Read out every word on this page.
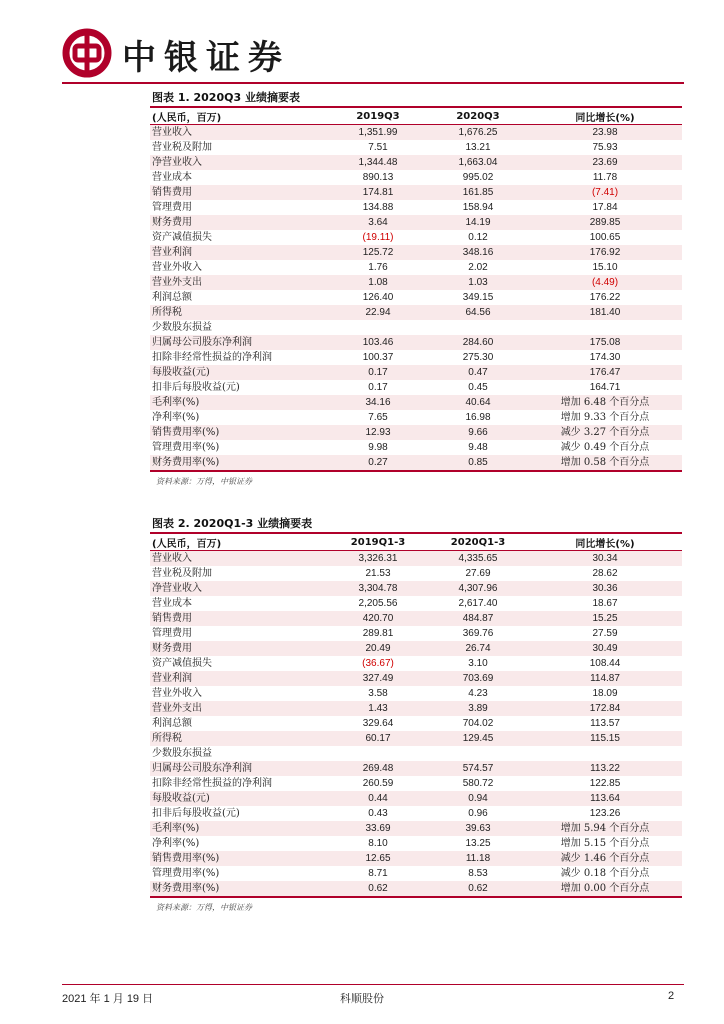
中银证券
图表 1. 2020Q3 业绩摘要表
(人民币，百万)	2019Q3	2020Q3	同比增长(%)
营业收入	1,351.99	1,676.25	23.98
营业税及附加	7.51	13.21	75.93
净营业收入	1,344.48	1,663.04	23.69
营业成本	890.13	995.02	11.78
销售费用	174.81	161.85	(7.41)
管理费用	134.88	158.94	17.84
财务费用	3.64	14.19	289.85
资产减值损失	(19.11)	0.12	100.65
营业利润	125.72	348.16	176.92
营业外收入	1.76	2.02	15.10
营业外支出	1.08	1.03	(4.49)
利润总额	126.40	349.15	176.22
所得税	22.94	64.56	181.40
少数股东损益			
归属母公司股东净利润	103.46	284.60	175.08
扣除非经常性损益的净利润	100.37	275.30	174.30
每股收益(元)	0.17	0.47	176.47
扣非后每股收益(元)	0.17	0.45	164.71
毛利率(%)	34.16	40.64	增加 6.48 个百分点
净利率(%)	7.65	16.98	增加 9.33 个百分点
销售费用率(%)	12.93	9.66	减少 3.27 个百分点
管理费用率(%)	9.98	9.48	减少 0.49 个百分点
财务费用率(%)	0.27	0.85	增加 0.58 个百分点
资料来源：万得，中银证券
图表 2. 2020Q1-3 业绩摘要表
(人民币，百万)	2019Q1-3	2020Q1-3	同比增长(%)
营业收入	3,326.31	4,335.65	30.34
营业税及附加	21.53	27.69	28.62
净营业收入	3,304.78	4,307.96	30.36
营业成本	2,205.56	2,617.40	18.67
销售费用	420.70	484.87	15.25
管理费用	289.81	369.76	27.59
财务费用	20.49	26.74	30.49
资产减值损失	(36.67)	3.10	108.44
营业利润	327.49	703.69	114.87
营业外收入	3.58	4.23	18.09
营业外支出	1.43	3.89	172.84
利润总额	329.64	704.02	113.57
所得税	60.17	129.45	115.15
少数股东损益			
归属母公司股东净利润	269.48	574.57	113.22
扣除非经常性损益的净利润	260.59	580.72	122.85
每股收益(元)	0.44	0.94	113.64
扣非后每股收益(元)	0.43	0.96	123.26
毛利率(%)	33.69	39.63	增加 5.94 个百分点
净利率(%)	8.10	13.25	增加 5.15 个百分点
销售费用率(%)	12.65	11.18	减少 1.46 个百分点
管理费用率(%)	8.71	8.53	减少 0.18 个百分点
财务费用率(%)	0.62	0.62	增加 0.00 个百分点
资料来源：万得，中银证券
2021 年 1 月 19 日	科顺股份	2
